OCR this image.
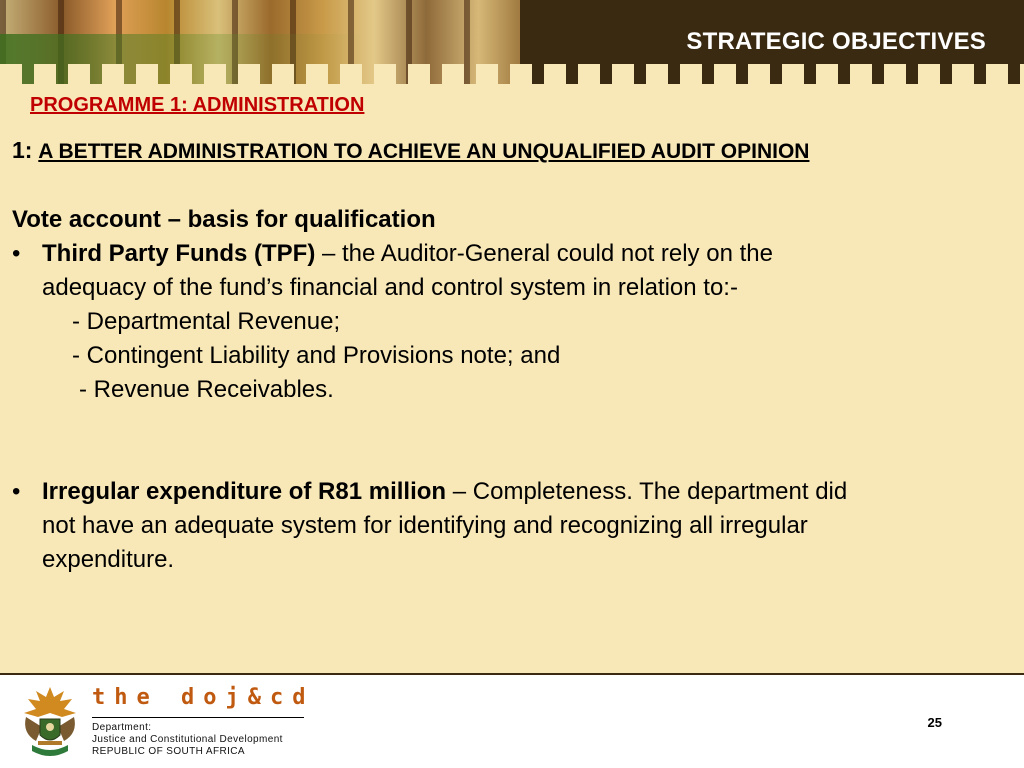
STRATEGIC OBJECTIVES
PROGRAMME 1: ADMINISTRATION
1: A BETTER ADMINISTRATION TO ACHIEVE AN UNQUALIFIED AUDIT OPINION
Vote account – basis for qualification
• Third Party Funds (TPF) – the Auditor-General could not rely on the
adequacy of the fund’s financial and control system in relation to:-
- Departmental Revenue;
- Contingent Liability and Provisions note; and
- Revenue Receivables.
• Irregular expenditure of R81 million – Completeness. The department did
not have an adequate system for identifying and recognizing all irregular
expenditure.
the doj&cd
Department:
Justice and Constitutional Development
REPUBLIC OF SOUTH AFRICA
25
